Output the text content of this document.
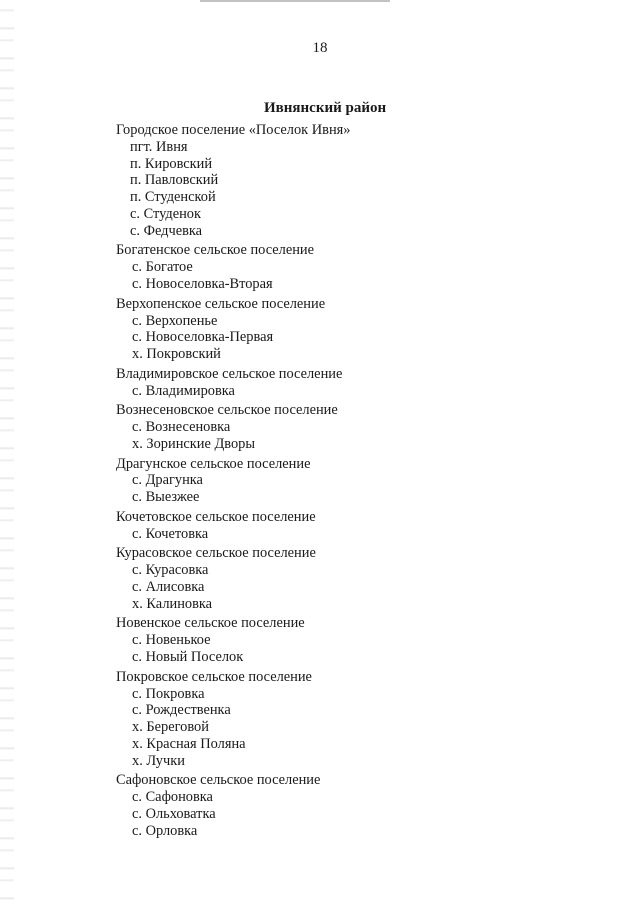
18
Ивнянский район
Городское поселение «Поселок Ивня»
пгт. Ивня
п. Кировский
п. Павловский
п. Студенской
с. Студенок
с. Федчевка
Богатенское сельское поселение
с. Богатое
с. Новоселовка-Вторая
Верхопенское сельское поселение
с. Верхопенье
с. Новоселовка-Первая
х. Покровский
Владимировское сельское поселение
с. Владимировка
Вознесеновское сельское поселение
с. Вознесеновка
х. Зоринские Дворы
Драгунское сельское поселение
с. Драгунка
с. Выезжее
Кочетовское сельское поселение
с. Кочетовка
Курасовское сельское поселение
с. Курасовка
с. Алисовка
х. Калиновка
Новенское сельское поселение
с. Новенькое
с. Новый Поселок
Покровское сельское поселение
с. Покровка
с. Рождественка
х. Береговой
х. Красная Поляна
х. Лучки
Сафоновское сельское поселение
с. Сафоновка
с. Ольховатка
с. Орловка
